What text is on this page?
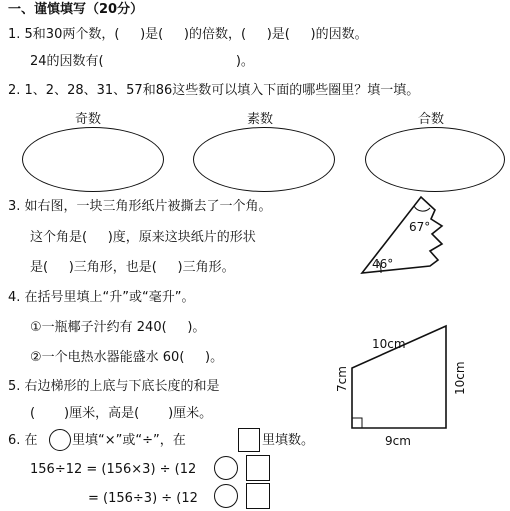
一、谨慎填写（20分）
1. 5和30两个数，(     )是(     )的倍数，(     )是(     )的因数。
24的因数有(                                )。
2. 1、2、28、31、57和86这些数可以填入下面的哪些圈里？填一填。
奇数	素数	合数
3. 如右图，一块三角形纸片被撕去了一个角。
这个角是(     )度，原来这块纸片的形状
是(     )三角形，也是(     )三角形。
4. 在括号里填上“升”或“毫升”。
①一瓶椰子汁约有 240(     )。
②一个电热水器能盛水 60(     )。
5. 右边梯形的上底与下底长度的和是
(       )厘米，高是(       )厘米。
6. 在	里填“×”或“÷”，在	里填数。
156÷12 = (156×3) ÷ (12
= (156÷3) ÷ (12
67°
46°
10cm
7cm	10cm
9cm
